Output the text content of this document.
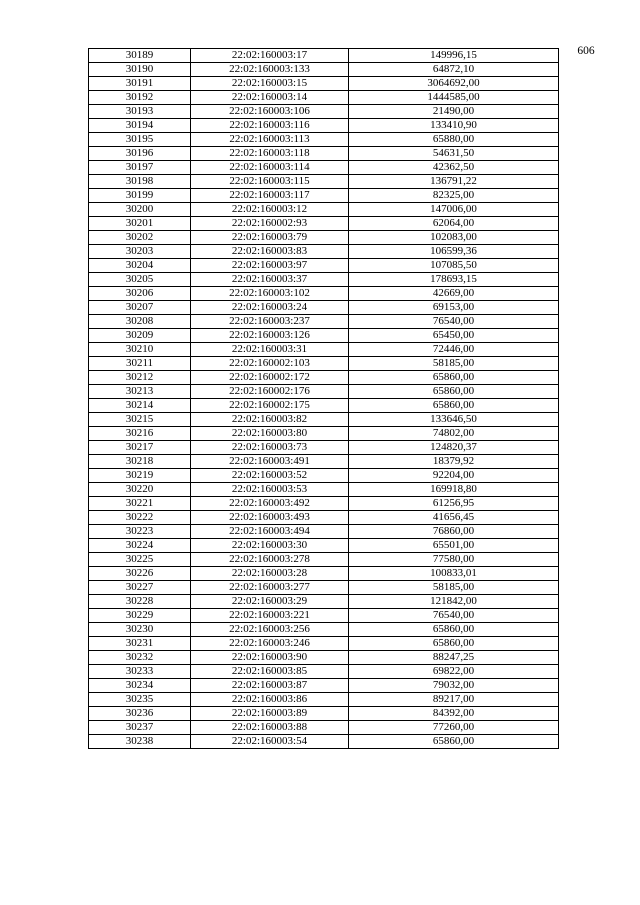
606
30189	22:02:160003:17	149996,15
30190	22:02:160003:133	64872,10
30191	22:02:160003:15	3064692,00
30192	22:02:160003:14	1444585,00
30193	22:02:160003:106	21490,00
30194	22:02:160003:116	133410,90
30195	22:02:160003:113	65880,00
30196	22:02:160003:118	54631,50
30197	22:02:160003:114	42362,50
30198	22:02:160003:115	136791,22
30199	22:02:160003:117	82325,00
30200	22:02:160003:12	147006,00
30201	22:02:160002:93	62064,00
30202	22:02:160003:79	102083,00
30203	22:02:160003:83	106599,36
30204	22:02:160003:97	107085,50
30205	22:02:160003:37	178693,15
30206	22:02:160003:102	42669,00
30207	22:02:160003:24	69153,00
30208	22:02:160003:237	76540,00
30209	22:02:160003:126	65450,00
30210	22:02:160003:31	72446,00
30211	22:02:160002:103	58185,00
30212	22:02:160002:172	65860,00
30213	22:02:160002:176	65860,00
30214	22:02:160002:175	65860,00
30215	22:02:160003:82	133646,50
30216	22:02:160003:80	74802,00
30217	22:02:160003:73	124820,37
30218	22:02:160003:491	18379,92
30219	22:02:160003:52	92204,00
30220	22:02:160003:53	169918,80
30221	22:02:160003:492	61256,95
30222	22:02:160003:493	41656,45
30223	22:02:160003:494	76860,00
30224	22:02:160003:30	65501,00
30225	22:02:160003:278	77580,00
30226	22:02:160003:28	100833,01
30227	22:02:160003:277	58185,00
30228	22:02:160003:29	121842,00
30229	22:02:160003:221	76540,00
30230	22:02:160003:256	65860,00
30231	22:02:160003:246	65860,00
30232	22:02:160003:90	88247,25
30233	22:02:160003:85	69822,00
30234	22:02:160003:87	79032,00
30235	22:02:160003:86	89217,00
30236	22:02:160003:89	84392,00
30237	22:02:160003:88	77260,00
30238	22:02:160003:54	65860,00
